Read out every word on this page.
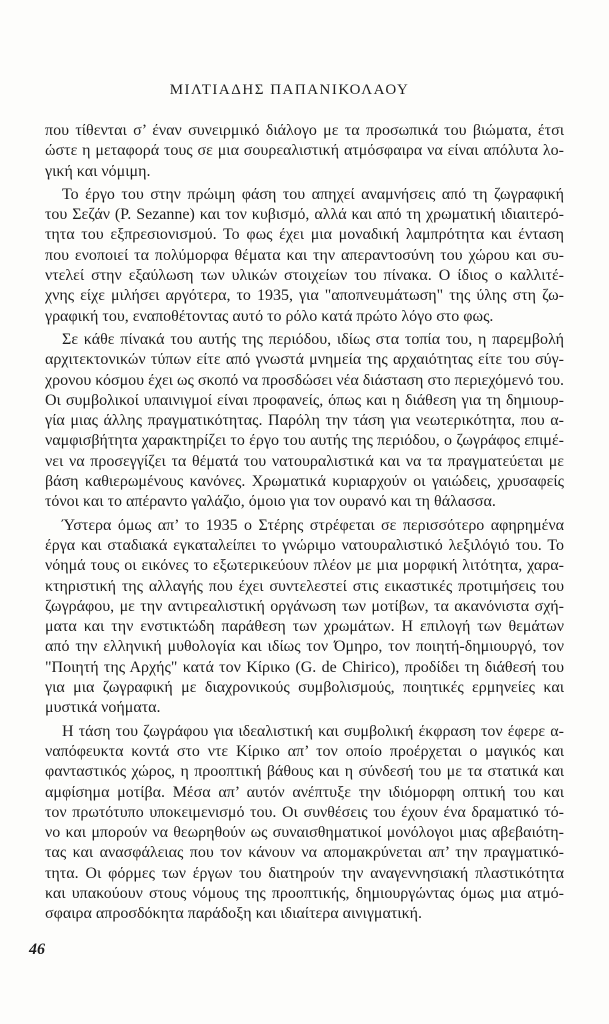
ΜΙΛΤΙΑΔΗΣ ΠΑΠΑΝΙΚΟΛΑΟΥ

που τίθενται σ’ έναν συνειρμικό διάλογο με τα προσωπικά του βιώματα, έτσι
ώστε η μεταφορά τους σε μια σουρεαλιστική ατμόσφαιρα να είναι απόλυτα λο-
γική και νόμιμη.

Το έργο του στην πρώιμη φάση του απηχεί αναμνήσεις από τη ζωγραφική
του Σεζάν (P. Sezanne) και τον κυβισμό, αλλά και από τη χρωματική ιδιαιτερό-
τητα του εξπρεσιονισμού. Το φως έχει μια μοναδική λαμπρότητα και ένταση
που ενοποιεί τα πολύμορφα θέματα και την απεραντοσύνη του χώρου και συ-
ντελεί στην εξαύλωση των υλικών στοιχείων του πίνακα. Ο ίδιος ο καλλιτέ-
χνης είχε μιλήσει αργότερα, το 1935, για "αποπνευμάτωση" της ύλης στη ζω-
γραφική του, εναποθέτοντας αυτό το ρόλο κατά πρώτο λόγο στο φως.

Σε κάθε πίνακά του αυτής της περιόδου, ιδίως στα τοπία του, η παρεμβολή
αρχιτεκτονικών τύπων είτε από γνωστά μνημεία της αρχαιότητας είτε του σύγ-
χρονου κόσμου έχει ως σκοπό να προσδώσει νέα διάσταση στο περιεχόμενό του.
Οι συμβολικοί υπαινιγμοί είναι προφανείς, όπως και η διάθεση για τη δημιουρ-
γία μιας άλλης πραγματικότητας. Παρόλη την τάση για νεωτερικότητα, που α-
ναμφισβήτητα χαρακτηρίζει το έργο του αυτής της περιόδου, ο ζωγράφος επιμέ-
νει να προσεγγίζει τα θέματά του νατουραλιστικά και να τα πραγματεύεται με
βάση καθιερωμένους κανόνες. Χρωματικά κυριαρχούν οι γαιώδεις, χρυσαφείς
τόνοι και το απέραντο γαλάζιο, όμοιο για τον ουρανό και τη θάλασσα.

Ύστερα όμως απ’ το 1935 ο Στέρης στρέφεται σε περισσότερο αφηρημένα
έργα και σταδιακά εγκαταλείπει το γνώριμο νατουραλιστικό λεξιλόγιό του. Το
νόημά τους οι εικόνες το εξωτερικεύουν πλέον με μια μορφική λιτότητα, χαρα-
κτηριστική της αλλαγής που έχει συντελεστεί στις εικαστικές προτιμήσεις του
ζωγράφου, με την αντιρεαλιστική οργάνωση των μοτίβων, τα ακανόνιστα σχή-
ματα και την ενστικτώδη παράθεση των χρωμάτων. Η επιλογή των θεμάτων
από την ελληνική μυθολογία και ιδίως τον Όμηρο, τον ποιητή-δημιουργό, τον
"Ποιητή της Αρχής" κατά τον Κίρικο (G. de Chirico), προδίδει τη διάθεσή του
για μια ζωγραφική με διαχρονικούς συμβολισμούς, ποιητικές ερμηνείες και
μυστικά νοήματα.

Η τάση του ζωγράφου για ιδεαλιστική και συμβολική έκφραση τον έφερε α-
ναπόφευκτα κοντά στο ντε Κίρικο απ’ τον οποίο προέρχεται ο μαγικός και
φανταστικός χώρος, η προοπτική βάθους και η σύνδεσή του με τα στατικά και
αμφίσημα μοτίβα. Μέσα απ’ αυτόν ανέπτυξε την ιδιόμορφη οπτική του και
τον πρωτότυπο υποκειμενισμό του. Οι συνθέσεις του έχουν ένα δραματικό τό-
νο και μπορούν να θεωρηθούν ως συναισθηματικοί μονόλογοι μιας αβεβαιότη-
τας και ανασφάλειας που τον κάνουν να απομακρύνεται απ’ την πραγματικό-
τητα. Οι φόρμες των έργων του διατηρούν την αναγεννησιακή πλαστικότητα
και υπακούουν στους νόμους της προοπτικής, δημιουργώντας όμως μια ατμό-
σφαιρα απροσδόκητα παράδοξη και ιδιαίτερα αινιγματική.

46
